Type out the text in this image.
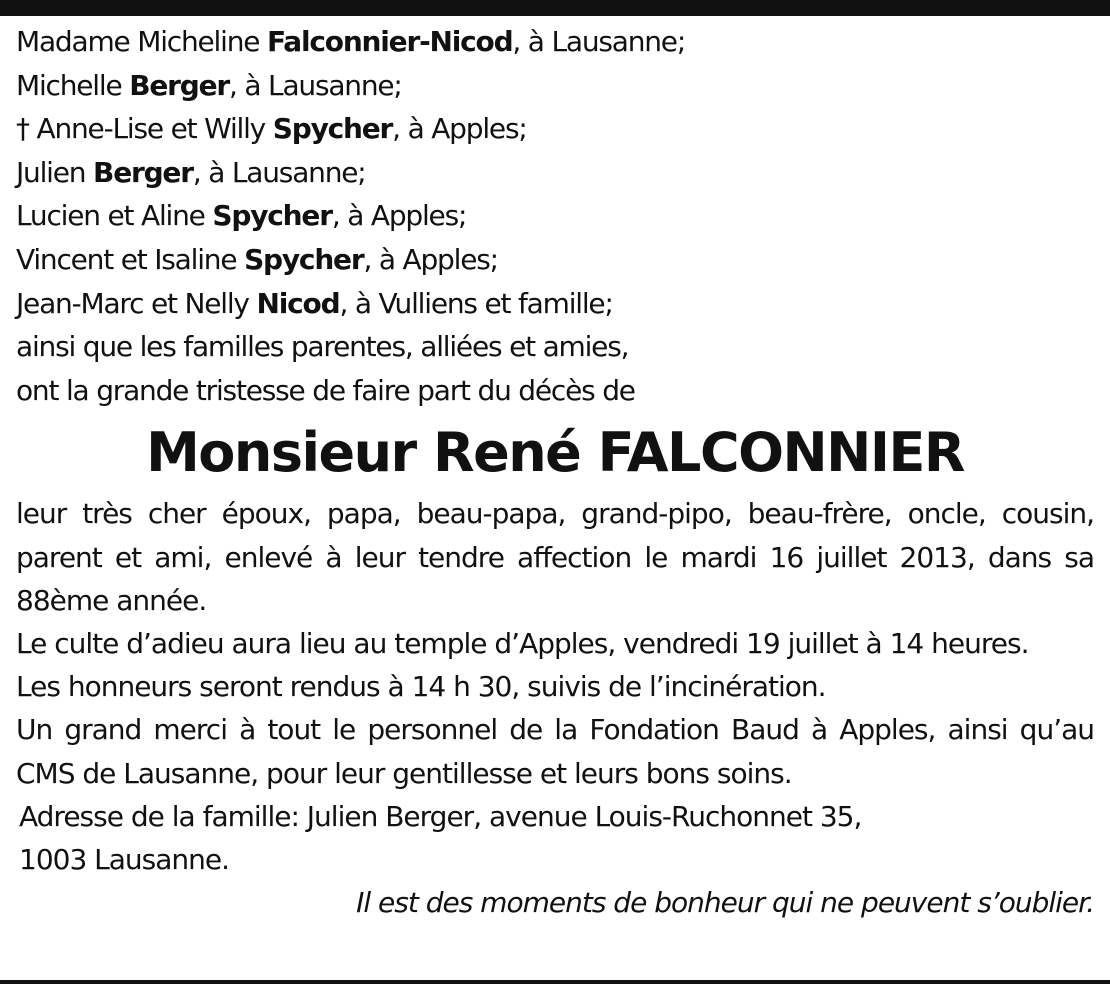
Madame Micheline Falconnier-Nicod, à Lausanne;

Michelle Berger, à Lausanne;

† Anne-Lise et Willy Spycher, à Apples;

Julien Berger, à Lausanne;

Lucien et Aline Spycher, à Apples;

Vincent et Isaline Spycher, à Apples;

Jean-Marc et Nelly Nicod, à Vulliens et famille;

ainsi que les familles parentes, alliées et amies,

ont la grande tristesse de faire part du décès de

Monsieur René FALCONNIER

leur très cher époux, papa, beau-papa, grand-pipo, beau-frère, oncle, cousin, parent et ami, enlevé à leur tendre affection le mardi 16 juillet 2013, dans sa 88ème année.

Le culte d’adieu aura lieu au temple d’Apples, vendredi 19 juillet à 14 heures.

Les honneurs seront rendus à 14 h 30, suivis de l’incinération.

Un grand merci à tout le personnel de la Fondation Baud à Apples, ainsi qu’au CMS de Lausanne, pour leur gentillesse et leurs bons soins.

Adresse de la famille: Julien Berger, avenue Louis-Ruchonnet 35,

1003 Lausanne.

Il est des moments de bonheur qui ne peuvent s’oublier.
